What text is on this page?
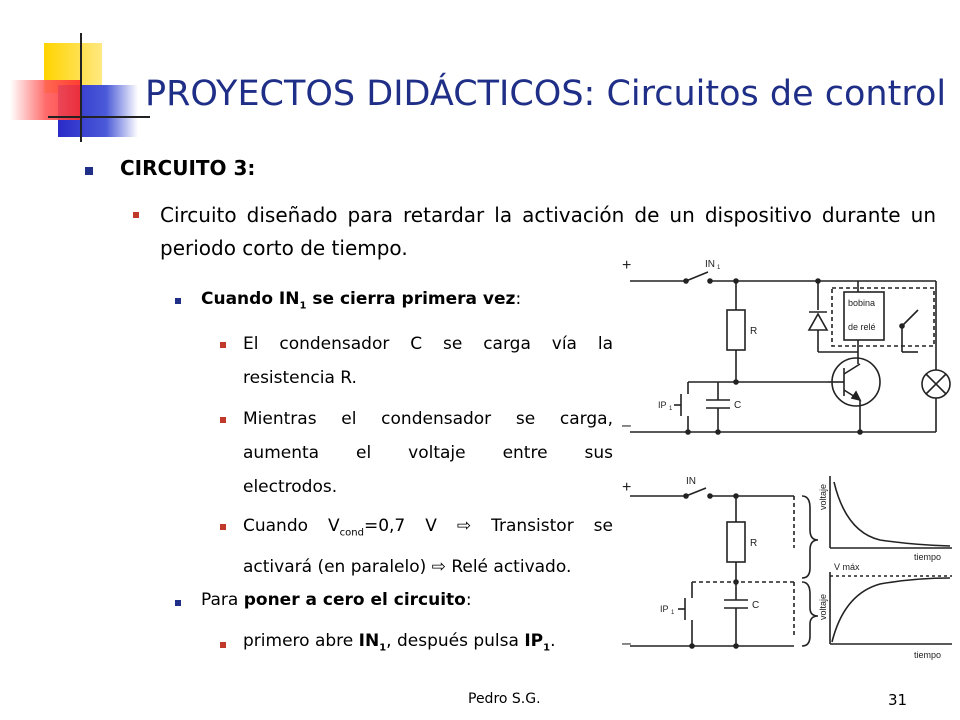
PROYECTOS DIDÁCTICOS: Circuitos de control
CIRCUITO 3:
Circuito diseñado para retardar la activación de un dispositivo durante un periodo corto de tiempo.
Cuando $IN_1$ se cierra primera vez:
El condensador C se carga vía la
resistencia R.
Mientras el condensador se carga,
aumenta el voltaje entre sus
electrodos.
Cuando $V_{cond}=0,7$ V ⇨ Transistor se
activará (en paralelo) ⇨ Relé activado.
Para poner a cero el circuito:
primero abre $IN_1$, después pulsa $IP_1$.
+
–
IN 1
R
IP 1	C
bobina
de relé
+
–
IN
R
IP 1
C
voltaje
tiempo
V máx
voltaje
tiempo
Pedro S.G.	31
